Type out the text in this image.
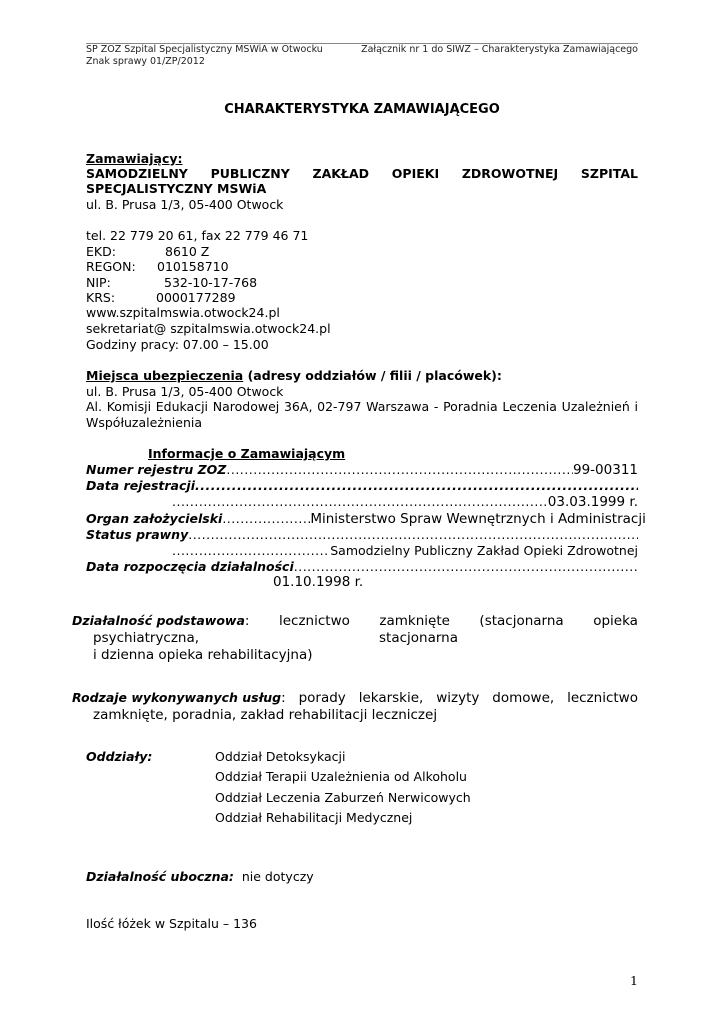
SP ZOZ Szpital Specjalistyczny MSWiA w Otwocku
Znak sprawy 01/ZP/2012
Załącznik nr 1 do SIWZ – Charakterystyka Zamawiającego
CHARAKTERYSTYKA ZAMAWIAJĄCEGO
Zamawiający:
SAMODZIELNY PUBLICZNY ZAKŁAD OPIEKI ZDROWOTNEJ SZPITAL
SPECJALISTYCZNY MSWiA
ul. B. Prusa 1/3, 05-400 Otwock
tel. 22 779 20 61, fax 22 779 46 71
EKD:	8610 Z
REGON: 010158710
NIP:	532-10-17-768
KRS:	0000177289
www.szpitalmswia.otwock24.pl
sekretariat@ szpitalmswia.otwock24.pl
Godziny pracy: 07.00 – 15.00
Miejsca ubezpieczenia (adresy oddziałów / filii / placówek):
ul. B. Prusa 1/3, 05-400 Otwock
Al. Komisji Edukacji Narodowej 36A, 02-797 Warszawa - Poradnia Leczenia Uzależnień i
Współuzależnienia
Informacje o Zamawiającym
Numer rejestru ZOZ .....	99-00311
Data rejestracji
.....
.....
03.03.1999 r.
Organ założycielski .....	Ministerstwo Spraw Wewnętrznych i Administracji
Status prawny
.....
.....
Samodzielny Publiczny Zakład Opieki Zdrowotnej
Data rozpoczęcia działalności
.....
01.10.1998 r.
Działalność podstawowa: lecznictwo zamknięte (stacjonarna opieka
psychiatryczna,	stacjonarna
i dzienna opieka rehabilitacyjna)
Rodzaje wykonywanych usług: porady lekarskie, wizyty domowe, lecznictwo
zamknięte, poradnia, zakład rehabilitacji leczniczej
Oddziały:	Oddział Detoksykacji
Oddział Terapii Uzależnienia od Alkoholu
Oddział Leczenia Zaburzeń Nerwicowych
Oddział Rehabilitacji Medycznej
Działalność uboczna: nie dotyczy
Ilość łóżek w Szpitalu – 136
1
